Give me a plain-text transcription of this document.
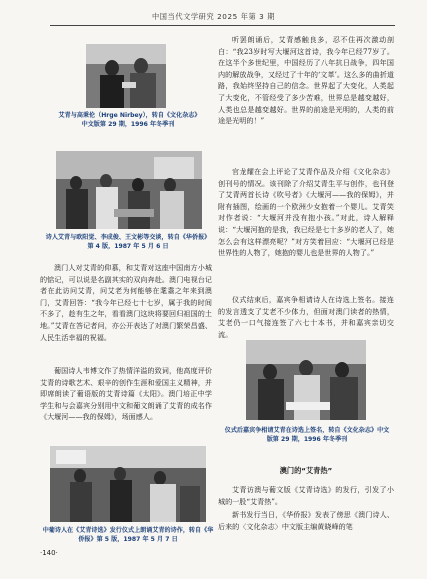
中国当代文学研究 2025 年第 3 期
艾青与高秉伦（Hrge Nirbey），转自《文化杂志》中文版第 29 期，1996 年冬季刊
诗人艾青与欧阳觉、李成俊、王文彬等交谈，转自《华侨报》第 4 版，1987 年 5 月 6 日

澳门人对艾青的仰慕，和艾青对这座中国南方小城的惦记，可以说是名副其实的双向奔赴。澳门电视台记者在此访问艾青，问艾老为何能够在耄耋之年来到澳门，艾青回答：“我今年已经七十七岁，属于我的时间不多了，趁有生之年，看看澳门这块将要回归祖国的土地。”艾青在答记者问，亦公开表达了对澳门繁荣昌盛、人民生活幸福的祝福。

葡国诗人韦博文作了热情洋溢的致词，他高度评价艾青的诗歌艺术、艰辛的创作生涯和爱国主义精神，并即席朗读了葡语版的艾青诗篇《太阳》。澳门培正中学学生和与会嘉宾分别用中文和葡文朗诵了艾青的成名作《大堰河——我的保姆》，场面感人。

中葡诗人在《艾青诗选》发行仪式上朗诵艾青的诗作，转自《华侨报》第 5 版，1987 年 5 月 7 日
·140·

听罢朗诵后，艾青感触良多，忍不住再次激动剖白：“我23岁时写大堰河这首诗，我今年已经77岁了。在这半个多世纪里，中国经历了八年抗日战争，四年国内的解放战争，又经过了十年的‘文革’。这么多的曲折道路，我始终坚持自己的信念。世界起了大变化，人类起了大变化，不管经受了多少苦难，世界总是越变越好，人类也总是越变越好。世界的前途是光明的，人类的前途是光明的！”

官龙耀在会上评论了艾青作品及介绍《文化杂志》创刊号的情况。该刊除了介绍艾青生平与创作，也刊登了艾青两首长诗《吹号者》《大堰河——我的保姆》，并附有插图，绘画的一个欧洲少女抱着一个婴儿。艾青笑对作者说：“大堰河并没有抱小孩。”对此，诗人解释说：“大堰河抱的是我，我已经是七十多岁的老人了，她怎么会有这样漂亮呢？”对方笑着回应：“大堰河已经是世界性的人物了，她抱的婴儿也是世界的人物了。”

仪式结束后，嘉宾争相请诗人在诗选上签名。接连的发言透支了艾老不少体力，但面对澳门读者的热情，艾老仍一口气接连签了六七十本书，并和嘉宾亲切交流。

仪式后嘉宾争相请艾青在诗选上签名，转自《文化杂志》中文版第 29 期，1996 年冬季刊
澳门的“艾青热”

艾青访澳与葡文版《艾青诗选》的发行，引发了小城的一股“艾青热”。

新书发行当日，《华侨报》发表了傍思《澳门诗人、后来的〈文化杂志〉中文版主编黄晓峰的笔
